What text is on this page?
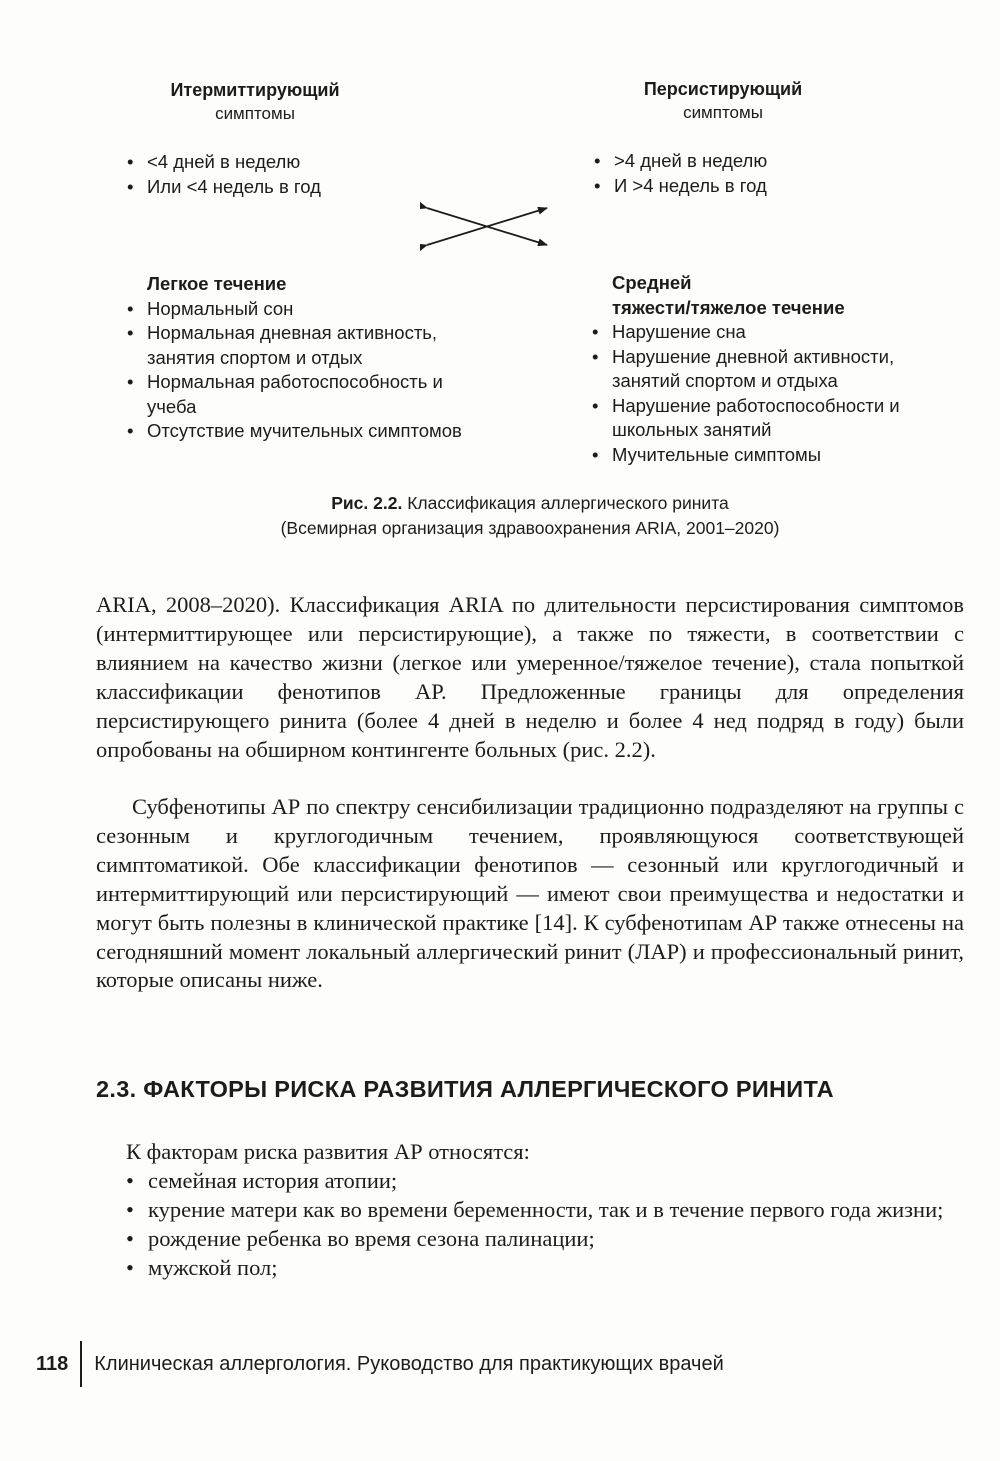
Итермиттирующий
симптомы
Персистирующий
симптомы
• <4 дней в неделю
• Или <4 недель в год
• >4 дней в неделю
• И >4 недель в год
Легкое течение
• Нормальный сон
• Нормальная дневная активность, занятия спортом и отдых
• Нормальная работоспособность и учеба
• Отсутствие мучительных симптомов
Средней
тяжести/тяжелое течение
• Нарушение сна
• Нарушение дневной активности, занятий спортом и отдыха
• Нарушение работоспособности и школьных занятий
• Мучительные симптомы
Рис. 2.2. Классификация аллергического ринита
(Всемирная организация здравоохранения ARIA, 2001–2020)

ARIA, 2008–2020). Классификация ARIA по длительности персистирования симптомов (интермиттирующее или персистирующие), а также по тяжести, в соответствии с влиянием на качество жизни (легкое или умеренное/тяжелое течение), стала попыткой классификации фенотипов АР. Предложенные границы для определения персистирующего ринита (более 4 дней в неделю и более 4 нед подряд в году) были опробованы на обширном контингенте больных (рис. 2.2).

Субфенотипы АР по спектру сенсибилизации традиционно подразделяют на группы с сезонным и круглогодичным течением, проявляющуюся соответствующей симптоматикой. Обе классификации фенотипов — сезонный или круглогодичный и интермиттирующий или персистирующий — имеют свои преимущества и недостатки и могут быть полезны в клинической практике [14]. К субфенотипам АР также отнесены на сегодняшний момент локальный аллергический ринит (ЛАР) и профессиональный ринит, которые описаны ниже.

2.3. ФАКТОРЫ РИСКА РАЗВИТИЯ АЛЛЕРГИЧЕСКОГО РИНИТА

К факторам риска развития АР относятся:

• семейная история атопии;
• курение матери как во времени беременности, так и в течение первого года жизни;
• рождение ребенка во время сезона палинации;
• мужской пол;
118	Клиническая аллергология. Руководство для практикующих врачей
